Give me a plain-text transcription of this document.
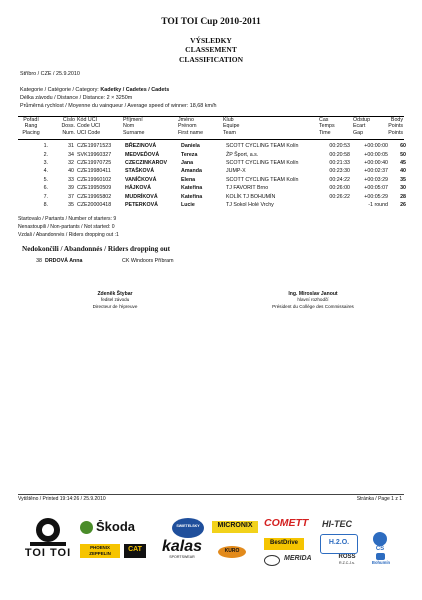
TOI TOI Cup 2010-2011
VÝSLEDKY
CLASSEMENT
CLASSIFICATION
Stříbro / CZE / 25.9.2010
Kategorie / Catégorie / Category: Kadetky / Cadetes / Cadets
Délka závodu / Distance / Distance: 2 × 3250m
Průměrná rychlost / Moyenne du vainqueur / Average speed of winner: 18,68 km/h
Pořadí
Rang
Placing
Číslo
Doss.
Num.
Kód UCI
Code UCI
UCI Code
Příjmení
Nom
Surname
Jméno
Prénom
First name
Klub
Equipe
Team
Čas
Temps
Time
Odstup
Ecart
Gap
Body
Points
Points
1.	31	CZE19971523	BŘEZINOVÁ	Daniela	SCOTT CYCLING TEAM Kolín	00:20:53	+00:00:00	60
2.	34	SVK19960327	MEDVEĎOVÁ	Tereza	ŽP Šport, a.s.	00:20:58	+00:00:05	50
3.	32	CZE19970725	CZECZINKAROV	Jana	SCOTT CYCLING TEAM Kolín	00:21:33	+00:00:40	45
4.	40	CZE19980411	STAŠKOVÁ	Amanda	JUMP-X	00:23:30	+00:02:37	40
5.	33	CZE19960102	VANÍČKOVÁ	Elena	SCOTT CYCLING TEAM Kolín	00:24:22	+00:03:29	35
6.	39	CZE19950509	HÁJKOVÁ	Kateřina	TJ FAVORIT Brno	00:26:00	+00:05:07	30
7.	37	CZE19965802	MUDRÍKOVÁ	Kateřina	KOLÍK TJ BOHUMÍN	00:26:22	+00:05:29	28
8.	35	CZE20000418	PETERKOVÁ	Lucie	TJ Sokol Holé Vrchy		-1 round	26
Startovalo / Partants / Number of starters: 9
Nenastoupili / Non-partants / Not started: 0
Vzdali / Abandonnés / Riders dropping out :1
Nedokončili / Abandonnés / Riders dropping out
38 DRDOVÁ Anna	CK Windoors Příbram
Zdeněk Štybar
ředitel závodu
Directeur de l'épreuve
Ing. Miroslav Janout
hlavní rozhodčí
Président du Collège des Commissaires
Vytištěno / Printed 19:14:26 / 25.9.2010	Stránka / Page 1 z 1
TOI TOI
Škoda	SWIETELSKY	MICRONIX	COMETT HI-TEC
BestDrive	H.2.O.
ČS
PHOENIX ZEPPELIN
CAT	kalas
SPORTSWEAR
KURO
MERIDA	ROSS
R.Z.C.J.s.	Bohumín
